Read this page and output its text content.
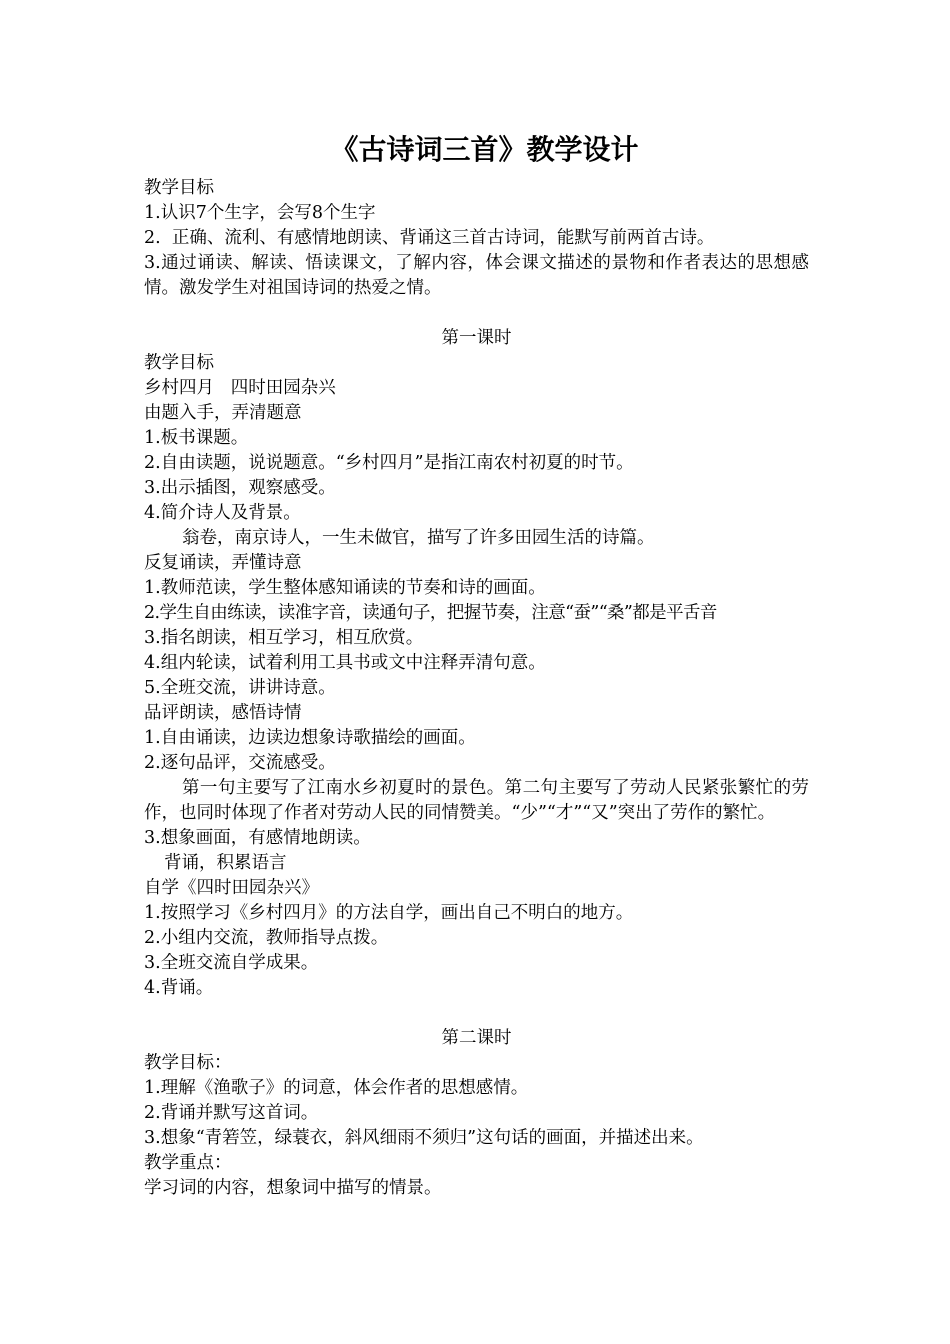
《古诗词三首》教学设计

教学目标

1.认识7个生字，会写8个生字

2.  正确、流利、有感情地朗读、背诵这三首古诗词，能默写前两首古诗。

3.通过诵读、解读、悟读课文，了解内容，体会课文描述的景物和作者表达的思想感情。激发学生对祖国诗词的热爱之情。

第一课时

教学目标

乡村四月   四时田园杂兴

由题入手，弄清题意

1.板书课题。

2.自由读题，说说题意。“乡村四月”是指江南农村初夏的时节。

3.出示插图，观察感受。

4.简介诗人及背景。

翁卷，南京诗人，一生未做官，描写了许多田园生活的诗篇。

反复诵读，弄懂诗意

1.教师范读，学生整体感知诵读的节奏和诗的画面。

2.学生自由练读，读准字音，读通句子，把握节奏，注意“蚕”“桑”都是平舌音

3.指名朗读，相互学习，相互欣赏。

4.组内轮读，试着利用工具书或文中注释弄清句意。

5.全班交流，讲讲诗意。

品评朗读，感悟诗情

1.自由诵读，边读边想象诗歌描绘的画面。

2.逐句品评，交流感受。

第一句主要写了江南水乡初夏时的景色。第二句主要写了劳动人民紧张繁忙的劳作，也同时体现了作者对劳动人民的同情赞美。“少”“才”“又”突出了劳作的繁忙。

3.想象画面，有感情地朗读。

背诵，积累语言

自学《四时田园杂兴》

1.按照学习《乡村四月》的方法自学，画出自己不明白的地方。

2.小组内交流，教师指导点拨。

3.全班交流自学成果。

4.背诵。

第二课时

教学目标：

1.理解《渔歌子》的词意，体会作者的思想感情。

2.背诵并默写这首词。

3.想象“青箬笠，绿蓑衣，斜风细雨不须归”这句话的画面，并描述出来。

教学重点：

学习词的内容，想象词中描写的情景。
